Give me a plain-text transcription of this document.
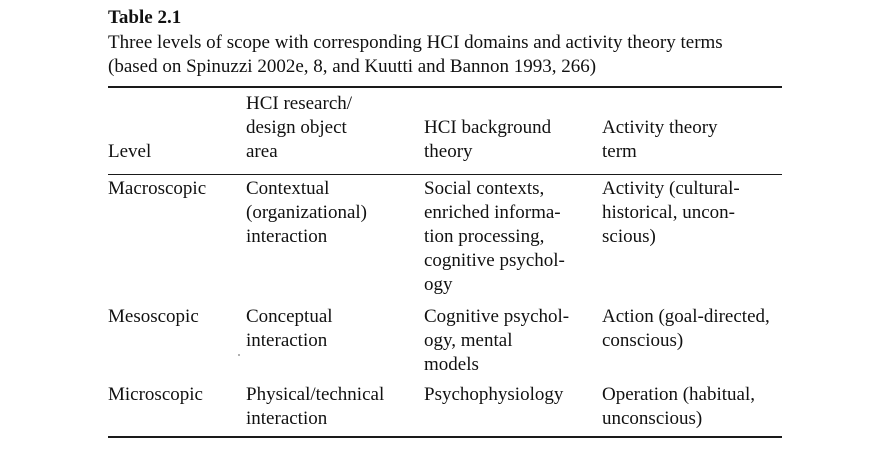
Table 2.1
Three levels of scope with corresponding HCI domains and activity theory terms
(based on Spinuzzi 2002e, 8, and Kuutti and Bannon 1993, 266)
Level
HCI research/
design object
area
HCI background
theory
Activity theory
term
Macroscopic Contextual
(organizational)
interaction
Social contexts,
enriched informa-
tion processing,
cognitive psychol-
ogy
Activity (cultural-
historical, uncon-
scious)
Mesoscopic Conceptual
interaction
Cognitive psychol-
ogy, mental
models
Action (goal-directed,
conscious)
Microscopic Physical/technical
interaction
Psychophysiology Operation (habitual,
unconscious)
